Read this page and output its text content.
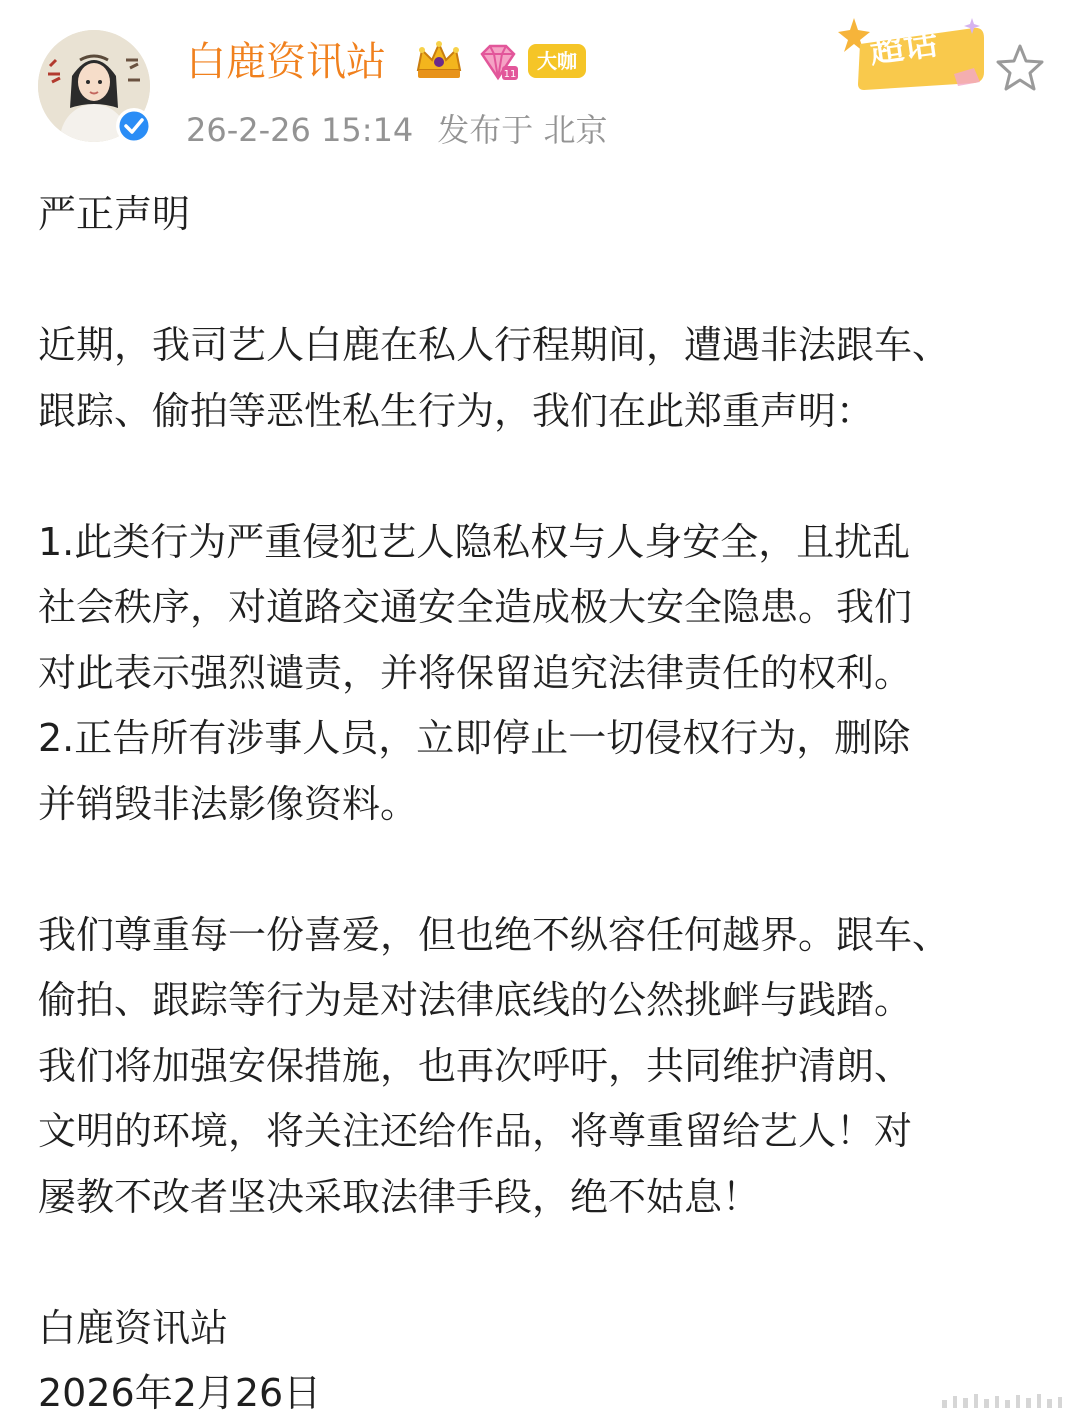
白鹿资讯站	11
大咖
26-2-26 15:14 发布于 北京
超话

严正声明

近期，我司艺人白鹿在私人行程期间，遭遇非法跟车、

跟踪、偷拍等恶性私生行为，我们在此郑重声明：

1.此类行为严重侵犯艺人隐私权与人身安全，且扰乱

社会秩序，对道路交通安全造成极大安全隐患。我们

对此表示强烈谴责，并将保留追究法律责任的权利。

2.正告所有涉事人员，立即停止一切侵权行为，删除

并销毁非法影像资料。

我们尊重每一份喜爱，但也绝不纵容任何越界。跟车、

偷拍、跟踪等行为是对法律底线的公然挑衅与践踏。

我们将加强安保措施，也再次呼吁，共同维护清朗、

文明的环境，将关注还给作品，将尊重留给艺人！对

屡教不改者坚决采取法律手段，绝不姑息！

白鹿资讯站

2026年2月26日
